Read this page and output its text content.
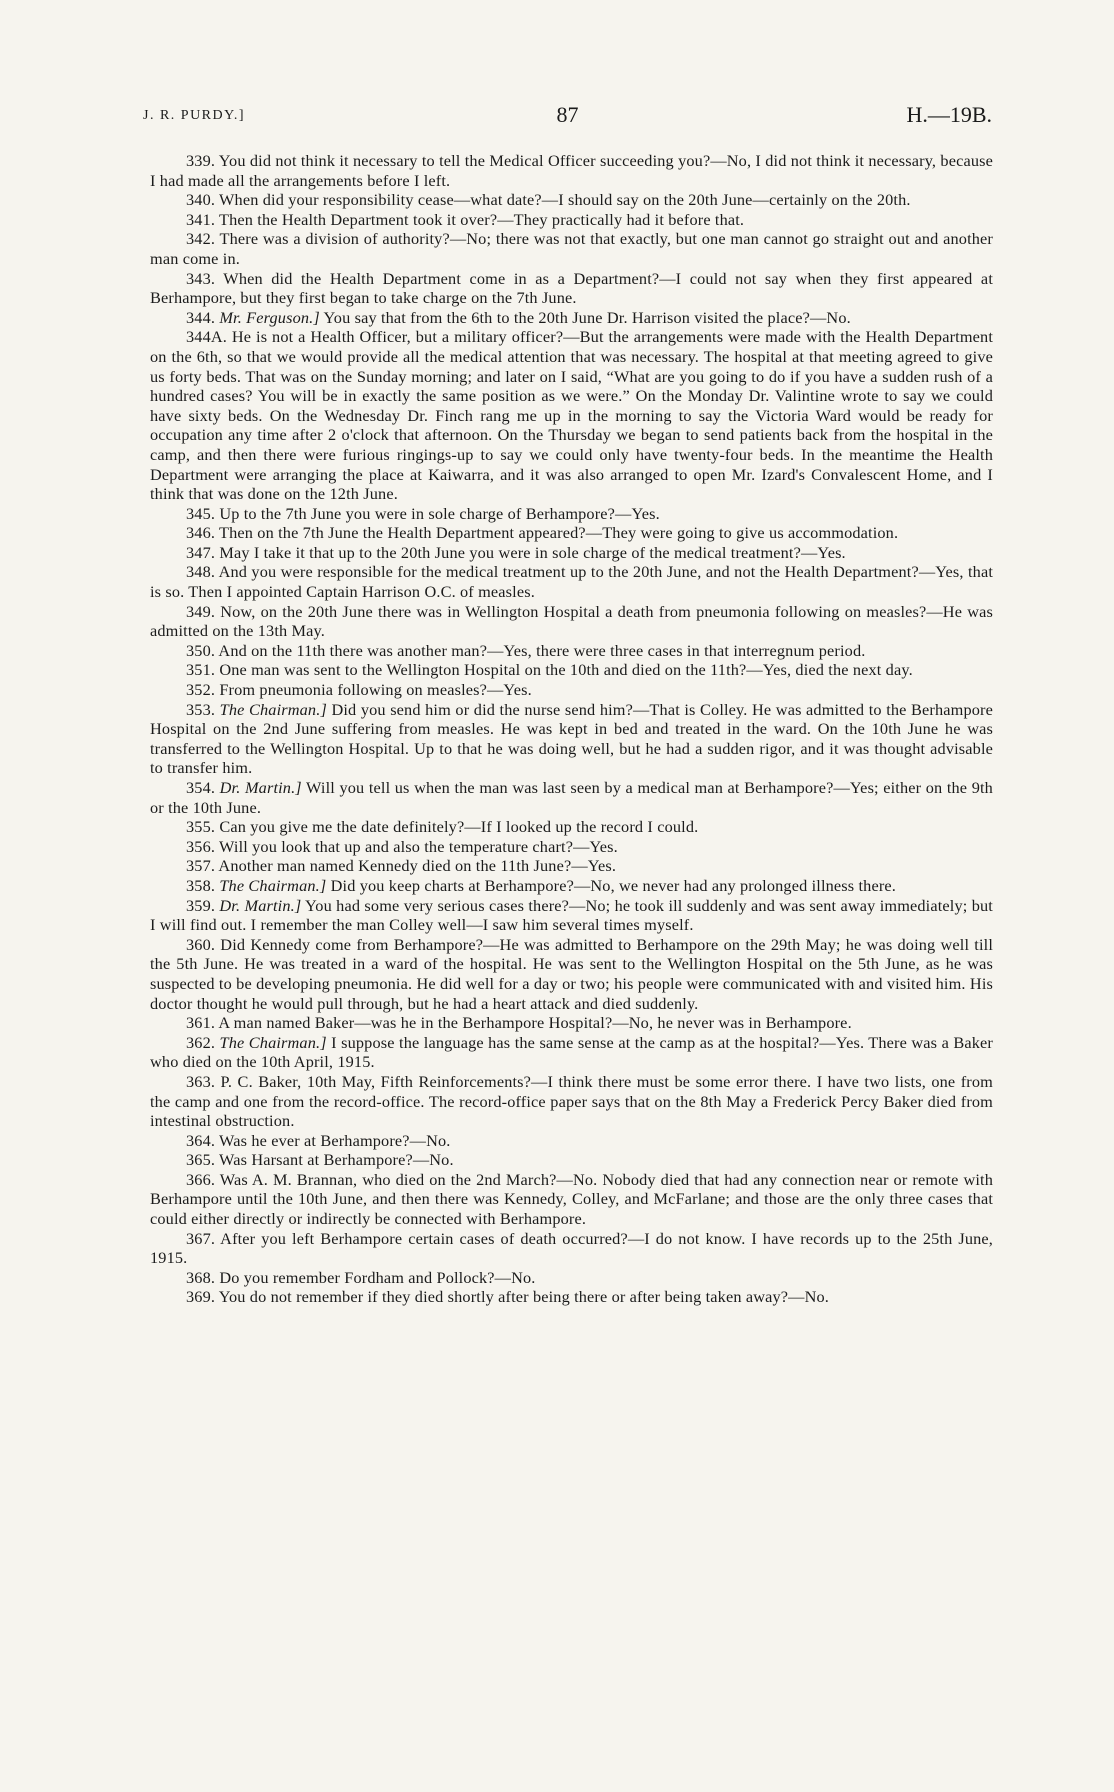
J. R. PURDY.]	87	H.—19B.

339. You did not think it necessary to tell the Medical Officer succeeding you?—No, I did not think it necessary, because I had made all the arrangements before I left.

340. When did your responsibility cease—what date?—I should say on the 20th June—certainly on the 20th.

341. Then the Health Department took it over?—They practically had it before that.

342. There was a division of authority?—No; there was not that exactly, but one man cannot go straight out and another man come in.

343. When did the Health Department come in as a Department?—I could not say when they first appeared at Berhampore, but they first began to take charge on the 7th June.

344. Mr. Ferguson.] You say that from the 6th to the 20th June Dr. Harrison visited the place?—No.

344A. He is not a Health Officer, but a military officer?—But the arrangements were made with the Health Department on the 6th, so that we would provide all the medical attention that was necessary. The hospital at that meeting agreed to give us forty beds. That was on the Sunday morning; and later on I said, “What are you going to do if you have a sudden rush of a hundred cases? You will be in exactly the same position as we were.” On the Monday Dr. Valintine wrote to say we could have sixty beds. On the Wednesday Dr. Finch rang me up in the morning to say the Victoria Ward would be ready for occupation any time after 2 o'clock that afternoon. On the Thursday we began to send patients back from the hospital in the camp, and then there were furious ringings-up to say we could only have twenty-four beds. In the meantime the Health Department were arranging the place at Kaiwarra, and it was also arranged to open Mr. Izard's Convalescent Home, and I think that was done on the 12th June.

345. Up to the 7th June you were in sole charge of Berhampore?—Yes.

346. Then on the 7th June the Health Department appeared?—They were going to give us accommodation.

347. May I take it that up to the 20th June you were in sole charge of the medical treatment?—Yes.

348. And you were responsible for the medical treatment up to the 20th June, and not the Health Department?—Yes, that is so. Then I appointed Captain Harrison O.C. of measles.

349. Now, on the 20th June there was in Wellington Hospital a death from pneumonia following on measles?—He was admitted on the 13th May.

350. And on the 11th there was another man?—Yes, there were three cases in that interregnum period.

351. One man was sent to the Wellington Hospital on the 10th and died on the 11th?—Yes, died the next day.

352. From pneumonia following on measles?—Yes.

353. The Chairman.] Did you send him or did the nurse send him?—That is Colley. He was admitted to the Berhampore Hospital on the 2nd June suffering from measles. He was kept in bed and treated in the ward. On the 10th June he was transferred to the Wellington Hospital. Up to that he was doing well, but he had a sudden rigor, and it was thought advisable to transfer him.

354. Dr. Martin.] Will you tell us when the man was last seen by a medical man at Berhampore?—Yes; either on the 9th or the 10th June.

355. Can you give me the date definitely?—If I looked up the record I could.

356. Will you look that up and also the temperature chart?—Yes.

357. Another man named Kennedy died on the 11th June?—Yes.

358. The Chairman.] Did you keep charts at Berhampore?—No, we never had any prolonged illness there.

359. Dr. Martin.] You had some very serious cases there?—No; he took ill suddenly and was sent away immediately; but I will find out. I remember the man Colley well—I saw him several times myself.

360. Did Kennedy come from Berhampore?—He was admitted to Berhampore on the 29th May; he was doing well till the 5th June. He was treated in a ward of the hospital. He was sent to the Wellington Hospital on the 5th June, as he was suspected to be developing pneumonia. He did well for a day or two; his people were communicated with and visited him. His doctor thought he would pull through, but he had a heart attack and died suddenly.

361. A man named Baker—was he in the Berhampore Hospital?—No, he never was in Berhampore.

362. The Chairman.] I suppose the language has the same sense at the camp as at the hospital?—Yes. There was a Baker who died on the 10th April, 1915.

363. P. C. Baker, 10th May, Fifth Reinforcements?—I think there must be some error there. I have two lists, one from the camp and one from the record-office. The record-office paper says that on the 8th May a Frederick Percy Baker died from intestinal obstruction.

364. Was he ever at Berhampore?—No.

365. Was Harsant at Berhampore?—No.

366. Was A. M. Brannan, who died on the 2nd March?—No. Nobody died that had any connection near or remote with Berhampore until the 10th June, and then there was Kennedy, Colley, and McFarlane; and those are the only three cases that could either directly or indirectly be connected with Berhampore.

367. After you left Berhampore certain cases of death occurred?—I do not know. I have records up to the 25th June, 1915.

368. Do you remember Fordham and Pollock?—No.

369. You do not remember if they died shortly after being there or after being taken away?—No.
